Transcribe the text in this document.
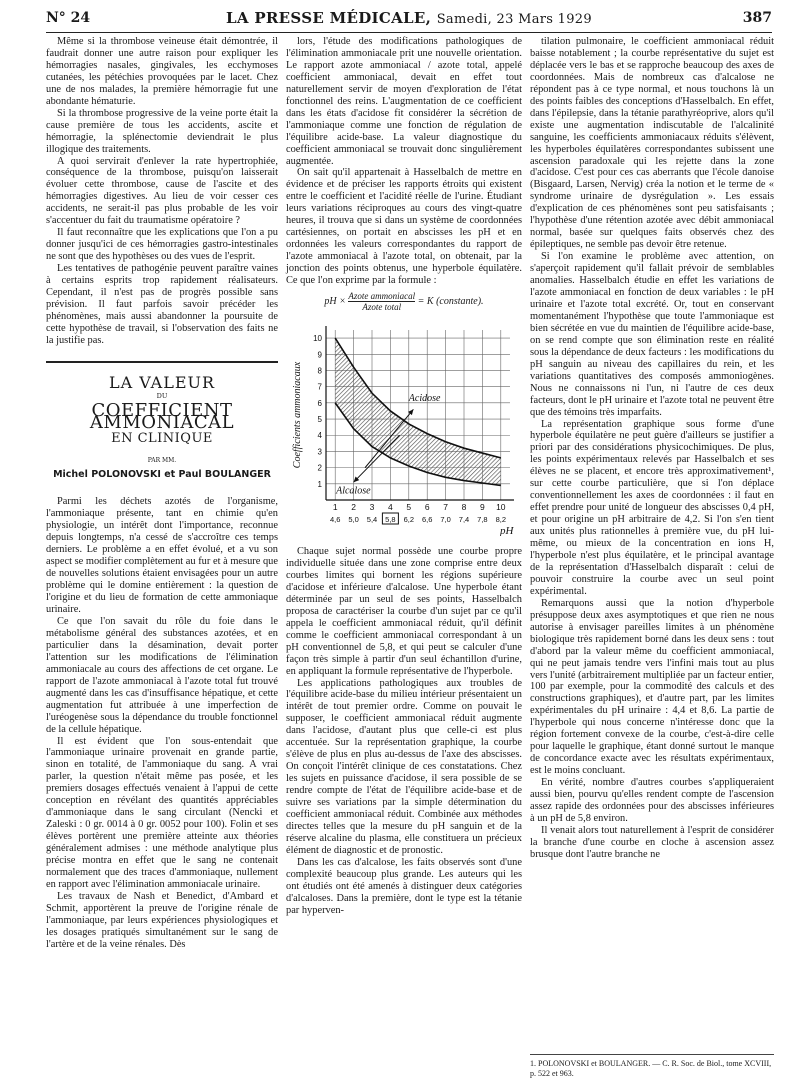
N° 24	LA PRESSE MÉDICALE, Samedi, 23 Mars 1929	387

Même si la thrombose veineuse était démontrée, il faudrait donner une autre raison pour expliquer les hémorragies nasales, gingivales, les ecchymoses cutanées, les pétéchies provoquées par le lacet. Chez une de nos malades, la première hémorragie fut une abondante hématurie.

Si la thrombose progressive de la veine porte était la cause première de tous les accidents, ascite et hémorragie, la splénectomie deviendrait le plus illogique des traitements.

A quoi servirait d'enlever la rate hypertrophiée, conséquence de la thrombose, puisqu'on laisserait évoluer cette thrombose, cause de l'ascite et des hémorragies digestives. Au lieu de voir cesser ces accidents, ne serait-il pas plus probable de les voir s'accentuer du fait du traumatisme opératoire ?

Il faut reconnaître que les explications que l'on a pu donner jusqu'ici de ces hémorragies gastro-intestinales ne sont que des hypothèses ou des vues de l'esprit.

Les tentatives de pathogénie peuvent paraître vaines à certains esprits trop rapidement réalisateurs. Cependant, il n'est pas de progrès possible sans prévision. Il faut parfois savoir précéder les phénomènes, mais aussi abandonner la poursuite de cette hypothèse de travail, si l'observation des faits ne la justifie pas.

LA VALEUR
DU
COEFFICIENT AMMONIACAL
EN CLINIQUE
PAR MM.
Michel POLONOVSKI et Paul BOULANGER

Parmi les déchets azotés de l'organisme, l'ammoniaque présente, tant en chimie qu'en physiologie, un intérêt dont l'importance, reconnue depuis longtemps, n'a cessé de s'accroître ces temps derniers. Le problème a en effet évolué, et a vu son aspect se modifier complètement au fur et à mesure que de nouvelles solutions étaient envisagées pour un autre problème qui le domine entièrement : la question de l'origine et du lieu de formation de cette ammoniaque urinaire.

Ce que l'on savait du rôle du foie dans le métabolisme général des substances azotées, et en particulier dans la désamination, devait porter l'attention sur les modifications de l'élimination ammoniacale au cours des affections de cet organe. Le rapport de l'azote ammoniacal à l'azote total fut trouvé augmenté dans les cas d'insuffisance hépatique, et cette augmentation fut attribuée à une imperfection de l'uréogenèse sous la dépendance du trouble fonctionnel de la cellule hépatique.

Il est évident que l'on sous-entendait que l'ammoniaque urinaire provenait en grande partie, sinon en totalité, de l'ammoniaque du sang. A vrai parler, la question n'était même pas posée, et les premiers dosages effectués venaient à l'appui de cette conception en révélant des quantités appréciables d'ammoniaque dans le sang circulant (Nencki et Zaleski : 0 gr. 0014 à 0 gr. 0052 pour 100). Folin et ses élèves portèrent une première atteinte aux théories généralement admises : une méthode analytique plus précise montra en effet que le sang ne contenait normalement que des traces d'ammoniaque, nullement en rapport avec l'élimination ammoniacale urinaire.

Les travaux de Nash et Benedict, d'Ambard et Schmit, apportèrent la preuve de l'origine rénale de l'ammoniaque, par leurs expériences physiologiques et les dosages pratiqués simultanément sur le sang de l'artère et de la veine rénales. Dès

lors, l'étude des modifications pathologiques de l'élimination ammoniacale prit une nouvelle orientation. Le rapport azote ammoniacal / azote total, appelé coefficient ammoniacal, devait en effet tout naturellement servir de moyen d'exploration de l'état fonctionnel des reins. L'augmentation de ce coefficient dans les états d'acidose fit considérer la sécrétion de l'ammoniaque comme une fonction de régulation de l'équilibre acide-base. La valeur diagnostique du coefficient ammoniacal se trouvait donc singulièrement augmentée.

On sait qu'il appartenait à Hasselbalch de mettre en évidence et de préciser les rapports étroits qui existent entre le coefficient et l'acidité réelle de l'urine. Étudiant leurs variations réciproques au cours des vingt-quatre heures, il trouva que si dans un système de coordonnées cartésiennes, on portait en abscisses les pH et en ordonnées les valeurs correspondantes du rapport de l'azote ammoniacal à l'azote total, on obtenait, par la jonction des points obtenus, une hyperbole équilatère. Ce que l'on exprime par la formule :

pH × Azote ammoniacal
Azote total
= K (constante).
Acidose
Alcalose
1
2
3
4
5
6
7
8
9
10
1 2 3 4 5 6 7 8 9 10
4,6 5,0 5,4 5,8 6,2 6,6 7,0 7,4 7,8 8,2
pH
Coefficients ammoniacaux

Chaque sujet normal possède une courbe propre individuelle située dans une zone comprise entre deux courbes limites qui bornent les régions supérieure d'acidose et inférieure d'alcalose. Une hyperbole étant déterminée par un seul de ses points, Hasselbalch proposa de caractériser la courbe d'un sujet par ce qu'il appela le coefficient ammoniacal réduit, qu'il définit comme le coefficient ammoniacal correspondant à un pH conventionnel de 5,8, et qui peut se calculer d'une façon très simple à partir d'un seul échantillon d'urine, en appliquant la formule représentative de l'hyperbole.

Les applications pathologiques aux troubles de l'équilibre acide-base du milieu intérieur présentaient un intérêt de tout premier ordre. Comme on pouvait le supposer, le coefficient ammoniacal réduit augmente dans l'acidose, d'autant plus que celle-ci est plus accentuée. Sur la représentation graphique, la courbe s'élève de plus en plus au-dessus de l'axe des abscisses. On conçoit l'intérêt clinique de ces constatations. Chez les sujets en puissance d'acidose, il sera possible de se rendre compte de l'état de l'équilibre acide-base et de suivre ses variations par la simple détermination du coefficient ammoniacal réduit. Combinée aux méthodes directes telles que la mesure du pH sanguin et de la réserve alcaline du plasma, elle constituera un précieux élément de diagnostic et de pronostic.

Dans les cas d'alcalose, les faits observés sont d'une complexité beaucoup plus grande. Les auteurs qui les ont étudiés ont été amenés à distinguer deux catégories d'alcaloses. Dans la première, dont le type est la tétanie par hyperven-

tilation pulmonaire, le coefficient ammoniacal réduit baisse notablement ; la courbe représentative du sujet est déplacée vers le bas et se rapproche beaucoup des axes de coordonnées. Mais de nombreux cas d'alcalose ne répondent pas à ce type normal, et nous touchons là un des points faibles des conceptions d'Hasselbalch. En effet, dans l'épilepsie, dans la tétanie parathyréoprive, alors qu'il existe une augmentation indiscutable de l'alcalinité sanguine, les coefficients ammoniacaux réduits s'élèvent, les hyperboles équilatères correspondantes subissent une ascension paradoxale qui les rejette dans la zone d'acidose. C'est pour ces cas aberrants que l'école danoise (Bisgaard, Larsen, Nervig) créa la notion et le terme de « syndrome urinaire de dysrégulation ». Les essais d'explication de ces phénomènes sont peu satisfaisants ; l'hypothèse d'une rétention azotée avec débit ammoniacal normal, basée sur quelques faits observés chez des épileptiques, ne semble pas devoir être retenue.

Si l'on examine le problème avec attention, on s'aperçoit rapidement qu'il fallait prévoir de semblables anomalies. Hasselbalch étudie en effet les variations de l'azote ammoniacal en fonction de deux variables : le pH urinaire et l'azote total excrété. Or, tout en conservant momentanément l'hypothèse que toute l'ammoniaque est bien sécrétée en vue du maintien de l'équilibre acide-base, on se rend compte que son élimination reste en réalité sous la dépendance de deux facteurs : les modifications du pH sanguin au niveau des capillaires du rein, et les variations quantitatives des composés ammoniogènes. Nous ne connaissons ni l'un, ni l'autre de ces deux facteurs, dont le pH urinaire et l'azote total ne peuvent être que des témoins très imparfaits.

La représentation graphique sous forme d'une hyperbole équilatère ne peut guère d'ailleurs se justifier a priori par des considérations physicochimiques. De plus, les points expérimentaux relevés par Hasselbalch et ses élèves ne se placent, et encore très approximativement¹, sur cette courbe particulière, que si l'on déplace conventionnellement les axes de coordonnées : il faut en effet prendre pour unité de longueur des abscisses 0,4 pH, et pour origine un pH arbitraire de 4,2. Si l'on s'en tient aux unités plus rationnelles à première vue, du pH lui-même, ou mieux de la concentration en ions H, l'hyperbole n'est plus équilatère, et le principal avantage de la représentation d'Hasselbalch disparaît : celui de pouvoir construire la courbe avec un seul point expérimental.

Remarquons aussi que la notion d'hyperbole présuppose deux axes asymptotiques et que rien ne nous autorise à envisager pareilles limites à un phénomène biologique très rapidement borné dans les deux sens : tout d'abord par la valeur même du coefficient ammoniacal, qui ne peut jamais tendre vers l'infini mais tout au plus vers l'unité (arbitrairement multipliée par un facteur entier, 100 par exemple, pour la commodité des calculs et des constructions graphiques), et d'autre part, par les limites expérimentales du pH urinaire : 4,4 et 8,6. La partie de l'hyperbole qui nous concerne n'intéresse donc que la région fortement convexe de la courbe, c'est-à-dire celle pour laquelle le graphique, étant donné surtout le manque de concordance exacte avec les résultats expérimentaux, est le moins concluant.

En vérité, nombre d'autres courbes s'appliqueraient aussi bien, pourvu qu'elles rendent compte de l'ascension assez rapide des ordonnées pour des abscisses inférieures à un pH de 5,8 environ.

Il venait alors tout naturellement à l'esprit de considérer la branche d'une courbe en cloche à ascension assez brusque dont l'autre branche ne

1. POLONOVSKI et BOULANGER. — C. R. Soc. de Biol., tome XCVIII, p. 522 et 963.
